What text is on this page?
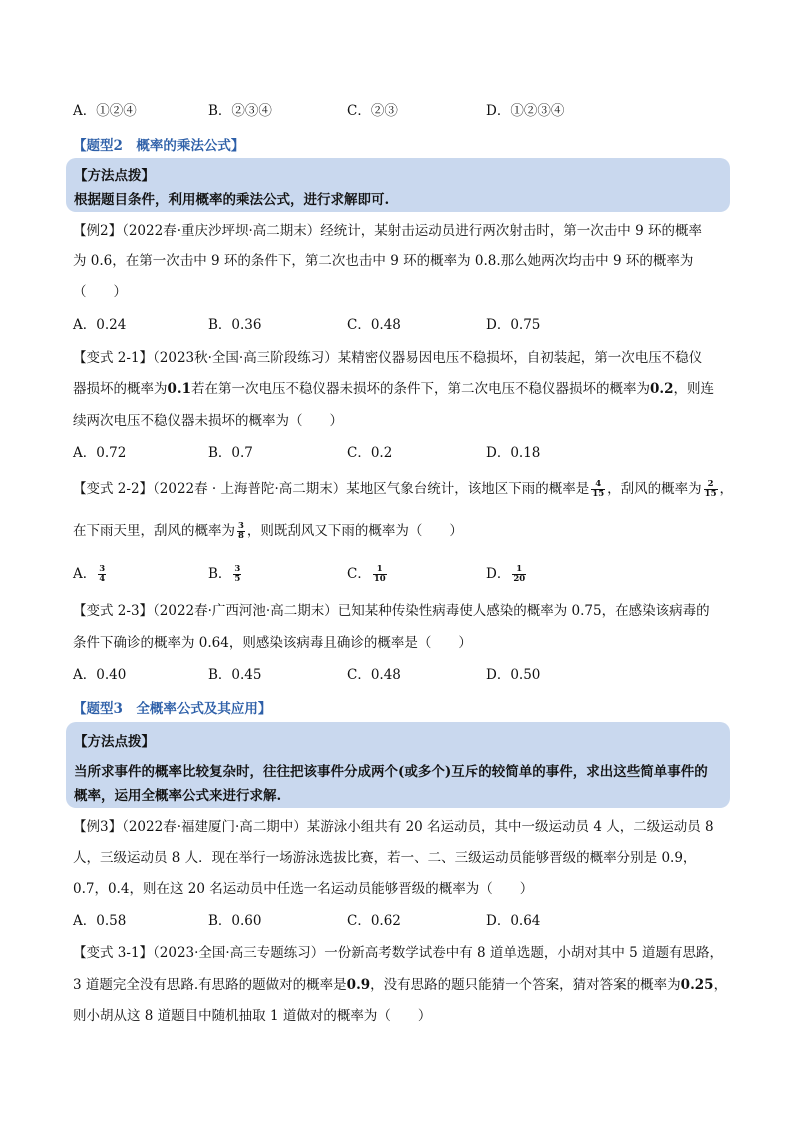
A．①②④	B．②③④	C．②③	D．①②③④
【题型2　概率的乘法公式】
【方法点拨】
根据题目条件，利用概率的乘法公式，进行求解即可.
【例2】（2022春·重庆沙坪坝·高二期末）经统计，某射击运动员进行两次射击时，第一次击中 9 环的概率
为 0.6，在第一次击中 9 环的条件下，第二次也击中 9 环的概率为 0.8.那么她两次均击中 9 环的概率为
（　　）
A．0.24	B．0.36	C．0.48	D．0.75
【变式 2-1】（2023秋·全国·高三阶段练习）某精密仪器易因电压不稳损坏，自初装起，第一次电压不稳仪
器损坏的概率为0.1若在第一次电压不稳仪器未损坏的条件下，第二次电压不稳仪器损坏的概率为0.2，则连
续两次电压不稳仪器未损坏的概率为（　　）
A．0.72	B．0.7	C．0.2	D．0.18
【变式 2-2】（2022春 · 上海普陀·高二期末）某地区气象台统计，该地区下雨的概率是 $\frac{4}{15}$ ，刮风的概率为 $\frac{2}{15}$ ，
在下雨天里，刮风的概率为 $\frac{3}{8}$ ，则既刮风又下雨的概率为（　　）
A． $\frac{3}{4}$	B． $\frac{3}{5}$	C． $\frac{1}{10}$	D． $\frac{1}{20}$
【变式 2-3】（2022春·广西河池·高二期末）已知某种传染性病毒使人感染的概率为 0.75，在感染该病毒的
条件下确诊的概率为 0.64，则感染该病毒且确诊的概率是（　　）
A．0.40	B．0.45	C．0.48	D．0.50
【题型3　全概率公式及其应用】
【方法点拨】
当所求事件的概率比较复杂时，往往把该事件分成两个(或多个)互斥的较简单的事件，求出这些简单事件的
概率，运用全概率公式来进行求解.
【例3】（2022春·福建厦门·高二期中）某游泳小组共有 20 名运动员，其中一级运动员 4 人，二级运动员 8
人，三级运动员 8 人．现在举行一场游泳选拔比赛，若一、二、三级运动员能够晋级的概率分别是 0.9，
0.7，0.4，则在这 20 名运动员中任选一名运动员能够晋级的概率为（　　）
A．0.58	B．0.60	C．0.62	D．0.64
【变式 3-1】（2023·全国·高三专题练习）一份新高考数学试卷中有 8 道单选题，小胡对其中 5 道题有思路，
3 道题完全没有思路.有思路的题做对的概率是0.9，没有思路的题只能猜一个答案，猜对答案的概率为0.25，
则小胡从这 8 道题目中随机抽取 1 道做对的概率为（　　）
